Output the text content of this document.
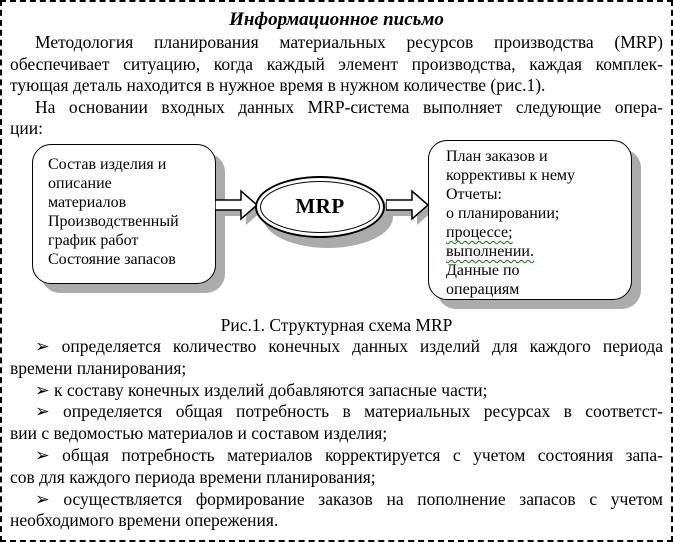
Информационное письмо
Методология планирования материальных ресурсов производства (MRP)
обеспечивает ситуацию, когда каждый элемент производства, каждая комплек-
тующая деталь находится в нужное время в нужном количестве (рис.1).
На основании входных данных MRP-система выполняет следующие опера-
ции:
Состав изделия и
описание
материалов
Производственный
график работ
Состояние запасов
MRP
План заказов и
коррективы к нему
Отчеты:
о планировании;
процессе;
выполнении.
Данные по
операциям
Рис.1. Структурная схема MRP
➢ определяется количество конечных данных изделий для каждого периода
времени планирования;
➢ к составу конечных изделий добавляются запасные части;
➢ определяется общая потребность в материальных ресурсах в соответст-
вии с ведомостью материалов и составом изделия;
➢ общая потребность материалов корректируется с учетом состояния запа-
сов для каждого периода времени планирования;
➢ осуществляется формирование заказов на пополнение запасов с учетом
необходимого времени опережения.
